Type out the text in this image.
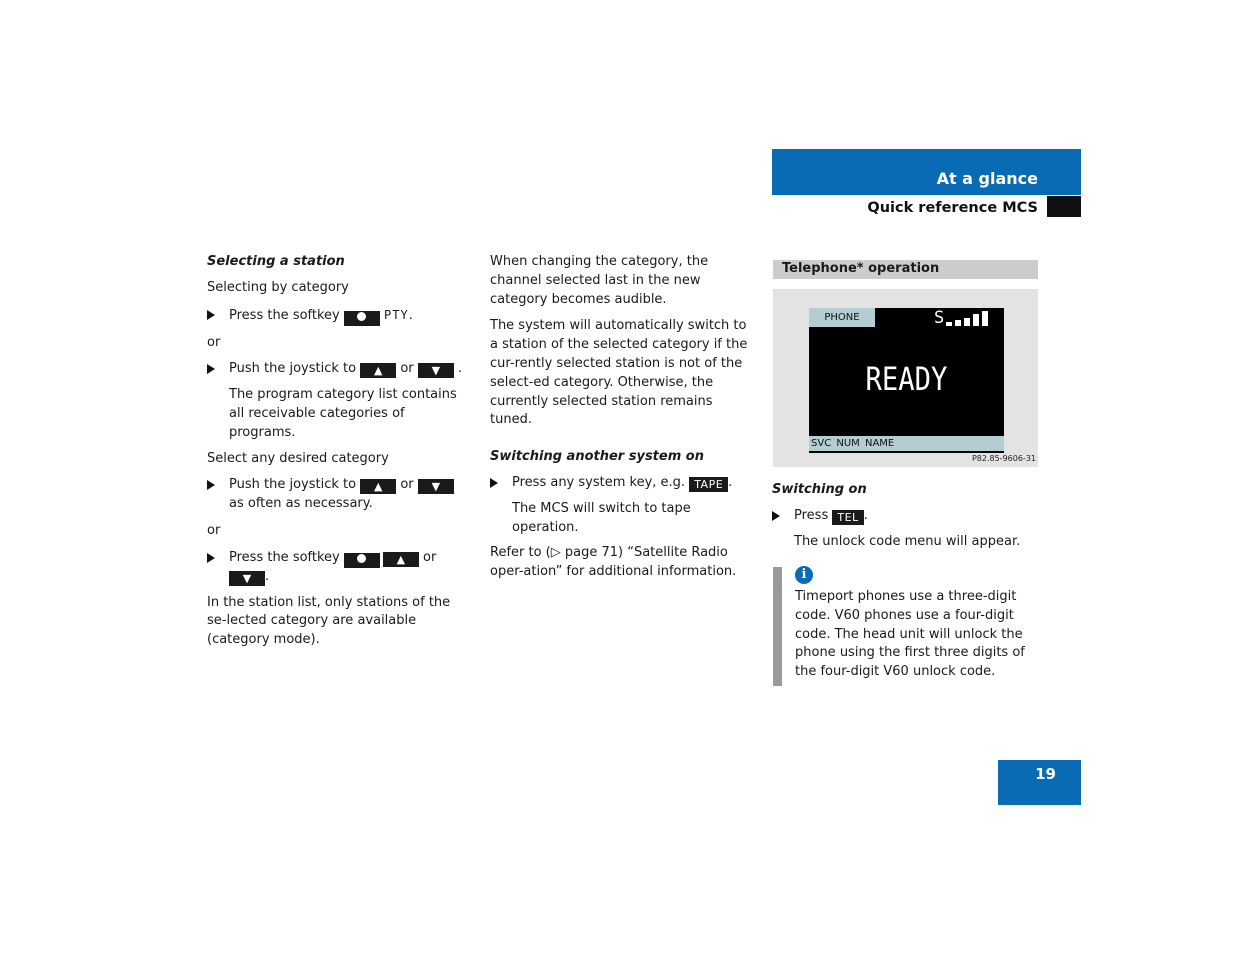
At a glance
Quick reference MCS

Selecting a station

Selecting by category

Press the softkey	PTY.

or

Push the joystick to ▲ or ▼ .

The program category list contains all receivable categories of programs.

Select any desired category

Push the joystick to ▲ or ▼ as often as necessary.

or

Press the softkey	▲ or ▼ .

In the station list, only stations of the se-lected category are available (category mode).

When changing the category, the channel selected last in the new category becomes audible.

The system will automatically switch to a station of the selected category if the cur-rently selected station is not of the select-ed category. Otherwise, the currently selected station remains tuned.

Switching another system on

Press any system key, e.g. TAPE .

The MCS will switch to tape operation.

Refer to (▷ page 71) “Satellite Radio oper-ation” for additional information.

Telephone* operation
PHONE	S
READY
SVC NUM NAME
P82.85-9606-31

Switching on

Press TEL .

The unlock code menu will appear.

i
Timeport phones use a three-digit code. V60 phones use a four-digit code. The head unit will unlock the phone using the first three digits of the four-digit V60 unlock code.
19
